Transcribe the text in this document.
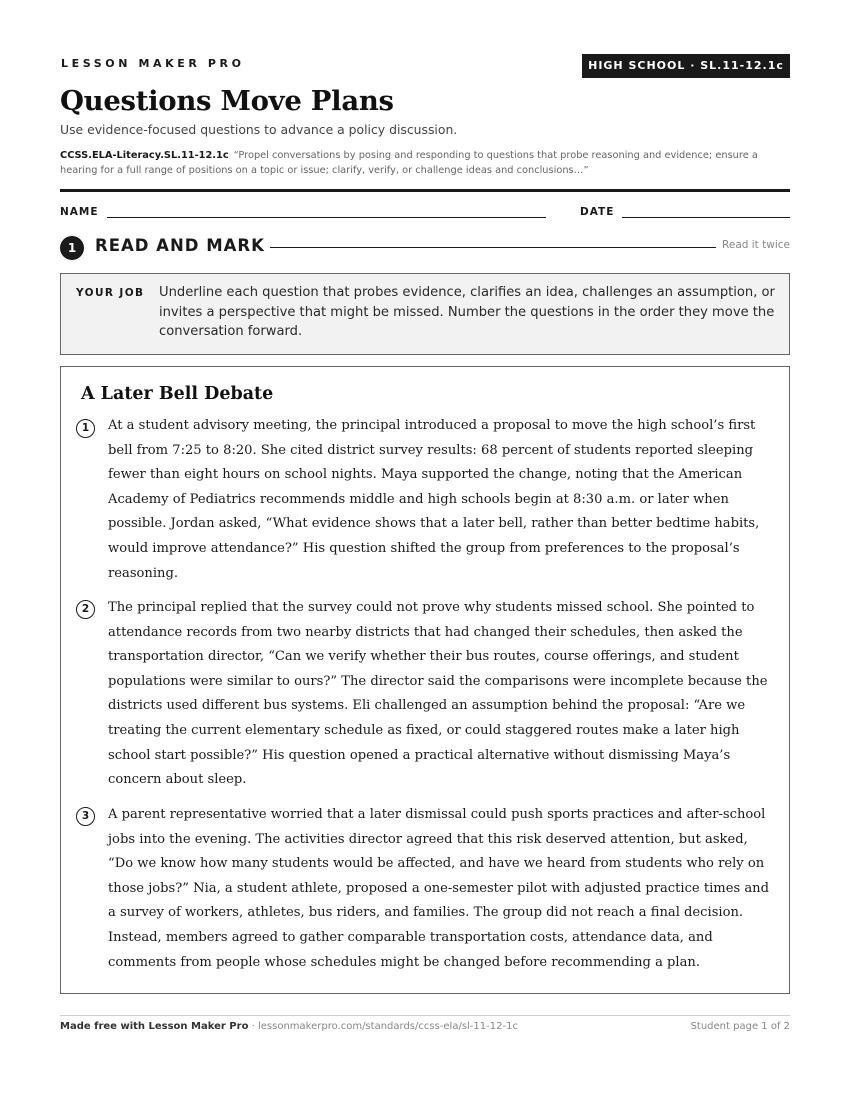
LESSON MAKER PRO	HIGH SCHOOL · SL.11-12.1c
Questions Move Plans
Use evidence-focused questions to advance a policy discussion.
CCSS.ELA-Literacy.SL.11-12.1c “Propel conversations by posing and responding to questions that probe reasoning and evidence; ensure a hearing for a full range of positions on a topic or issue; clarify, verify, or challenge ideas and conclusions…”
NAME	DATE
1	READ AND MARK	Read it twice
YOUR JOB Underline each question that probes evidence, clarifies an idea, challenges an assumption, or invites a perspective that might be missed. Number the questions in the order they move the conversation forward.
A Later Bell Debate
1	At a student advisory meeting, the principal introduced a proposal to move the high school’s first bell from 7:25 to 8:20. She cited district survey results: 68 percent of students reported sleeping fewer than eight hours on school nights. Maya supported the change, noting that the American Academy of Pediatrics recommends middle and high schools begin at 8:30 a.m. or later when possible. Jordan asked, “What evidence shows that a later bell, rather than better bedtime habits, would improve attendance?” His question shifted the group from preferences to the proposal’s reasoning.
2	The principal replied that the survey could not prove why students missed school. She pointed to attendance records from two nearby districts that had changed their schedules, then asked the transportation director, “Can we verify whether their bus routes, course offerings, and student populations were similar to ours?” The director said the comparisons were incomplete because the districts used different bus systems. Eli challenged an assumption behind the proposal: “Are we treating the current elementary schedule as fixed, or could staggered routes make a later high school start possible?” His question opened a practical alternative without dismissing Maya’s concern about sleep.
3	A parent representative worried that a later dismissal could push sports practices and after-school jobs into the evening. The activities director agreed that this risk deserved attention, but asked, “Do we know how many students would be affected, and have we heard from students who rely on those jobs?” Nia, a student athlete, proposed a one-semester pilot with adjusted practice times and a survey of workers, athletes, bus riders, and families. The group did not reach a final decision. Instead, members agreed to gather comparable transportation costs, attendance data, and comments from people whose schedules might be changed before recommending a plan.
Made free with Lesson Maker Pro · lessonmakerpro.com/standards/ccss-ela/sl-11-12-1c	Student page 1 of 2
